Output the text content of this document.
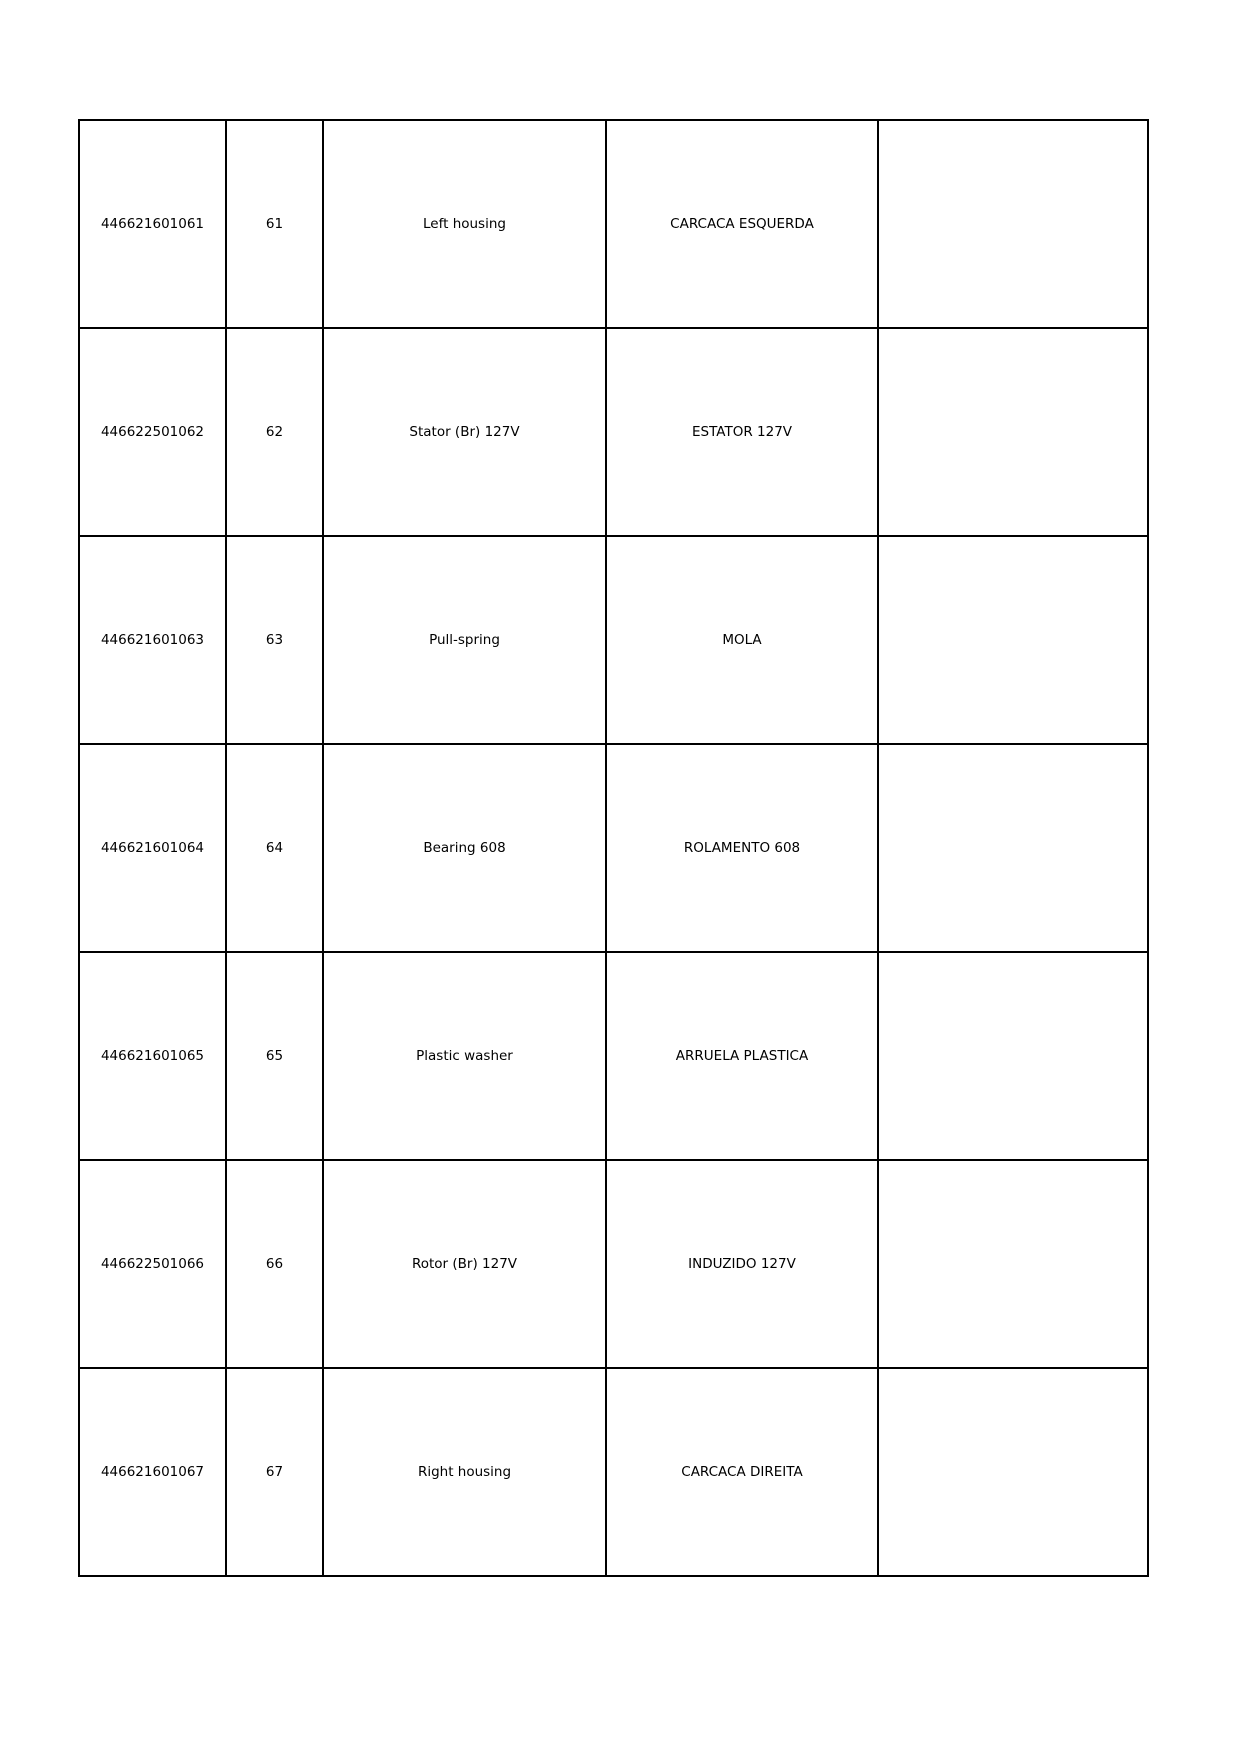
446621601061	61	Left housing	CARCACA ESQUERDA	
446622501062	62	Stator (Br) 127V	ESTATOR 127V	
446621601063	63	Pull-spring	MOLA	
446621601064	64	Bearing 608	ROLAMENTO 608	
446621601065	65	Plastic washer	ARRUELA PLASTICA	
446622501066	66	Rotor (Br) 127V	INDUZIDO 127V	
446621601067	67	Right housing	CARCACA DIREITA	
